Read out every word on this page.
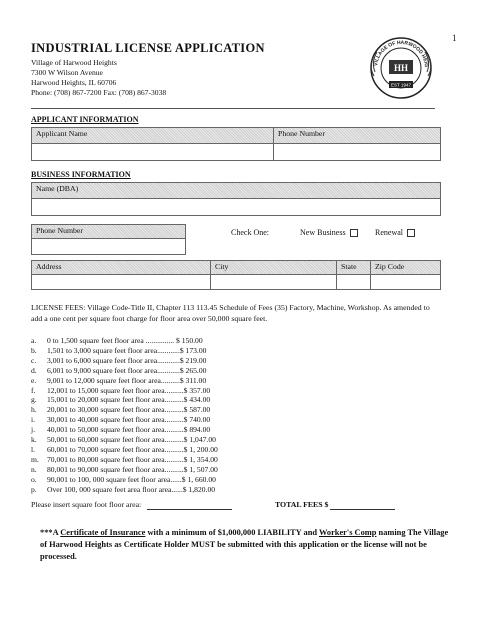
1
INDUSTRIAL LICENSE APPLICATION
Village of Harwood Heights
7300 W Wilson Avenue
Harwood Heights, IL 60706
Phone: (708) 867-7200 Fax: (708) 867-3038
VILLAGE OF HARWOOD HEIG
HH
EST 1947
APPLICANT INFORMATION
Applicant Name	Phone Number
BUSINESS INFORMATION
Name (DBA)
Phone Number	Check One:	New Business	Renewal
Address	City	State	Zip Code
LICENSE FEES: Village Code-Title II, Chapter 113 113.45 Schedule of Fees (35) Factory, Machine, Workshop. As amended to add a one cent per square foot charge for floor area over 50,000 square feet.
a.	0 to 1,500 square feet floor area ............... $ 150.00
b.	1,501 to 3,000 square feet floor area............$ 173.00
c.	3,001 to 6,000 square feet floor area............$ 219.00
d.	6,001 to 9,000 square feet floor area............$ 265.00
e.	9,001 to 12,000 square feet floor area..........$ 311.00
f.	12,001 to 15,000 square feet floor area..........$ 357.00
g.	15,001 to 20,000 square feet floor area..........$ 434.00
h.	20,001 to 30,000 square feet floor area..........$ 587.00
i.	30,001 to 40,000 square feet floor area..........$ 740.00
j.	40,001 to 50,000 square feet floor area..........$ 894.00
k.	50,001 to 60,000 square feet floor area..........$ 1,047.00
l.	60,001 to 70,000 square feet floor area..........$ 1, 200.00
m.	70,001 to 80,000 square feet floor area..........$ 1, 354.00
n.	80,001 to 90,000 square feet floor area..........$ 1, 507.00
o.	90,001 to 100, 000 square feet floor area......$ 1, 660.00
p.	Over 100, 000 square feet area floor area......$ 1,820.00
Please insert square foot floor area:	TOTAL FEES $
***A Certificate of Insurance with a minimum of $1,000,000 LIABILITY and Worker's Comp naming The Village of Harwood Heights as Certificate Holder MUST be submitted with this application or the license will not be processed.
